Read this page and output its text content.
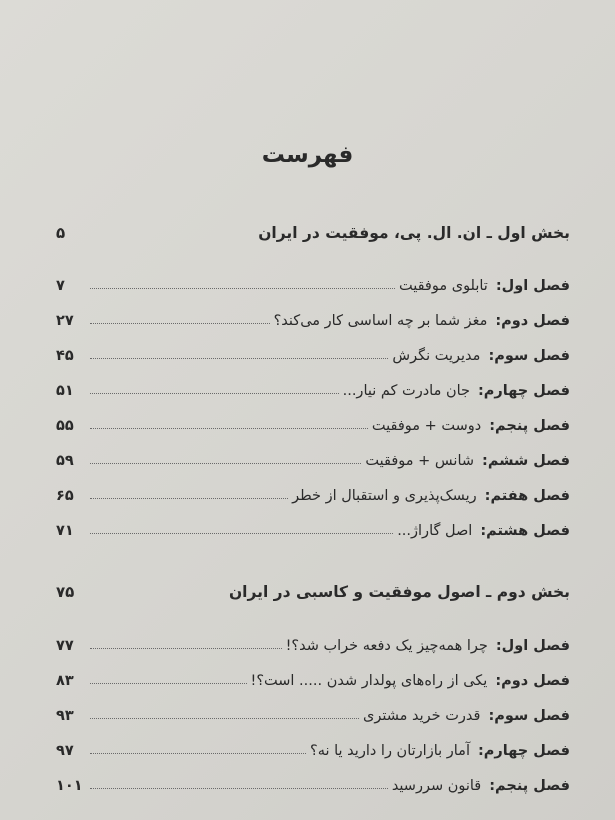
فهرست
بخش اول ـ ان. ال. پی، موفقیت در ایران
۵
فصل اول:
تابلوی موفقیت
۷
فصل دوم:
مغز شما بر چه اساسی کار می‌کند؟
۲۷
فصل سوم:
مدیریت نگرش
۴۵
فصل چهارم:
جان مادرت کم نیار...
۵۱
فصل پنجم:
دوست + موفقیت
۵۵
فصل ششم:
شانس + موفقیت
۵۹
فصل هفتم:
ریسک‌پذیری و استقبال از خطر
۶۵
فصل هشتم:
اصل گاراژ...
۷۱
بخش دوم ـ اصول موفقیت و کاسبی در ایران
۷۵
فصل اول:
چرا همه‌چیز یک دفعه خراب شد؟!
۷۷
فصل دوم:
یکی از راه‌های پولدار شدن ..... است؟!
۸۳
فصل سوم:
قدرت خرید مشتری
۹۳
فصل چهارم:
آمار بازارتان را دارید یا نه؟
۹۷
فصل پنجم:
قانون سررسید
۱۰۱
